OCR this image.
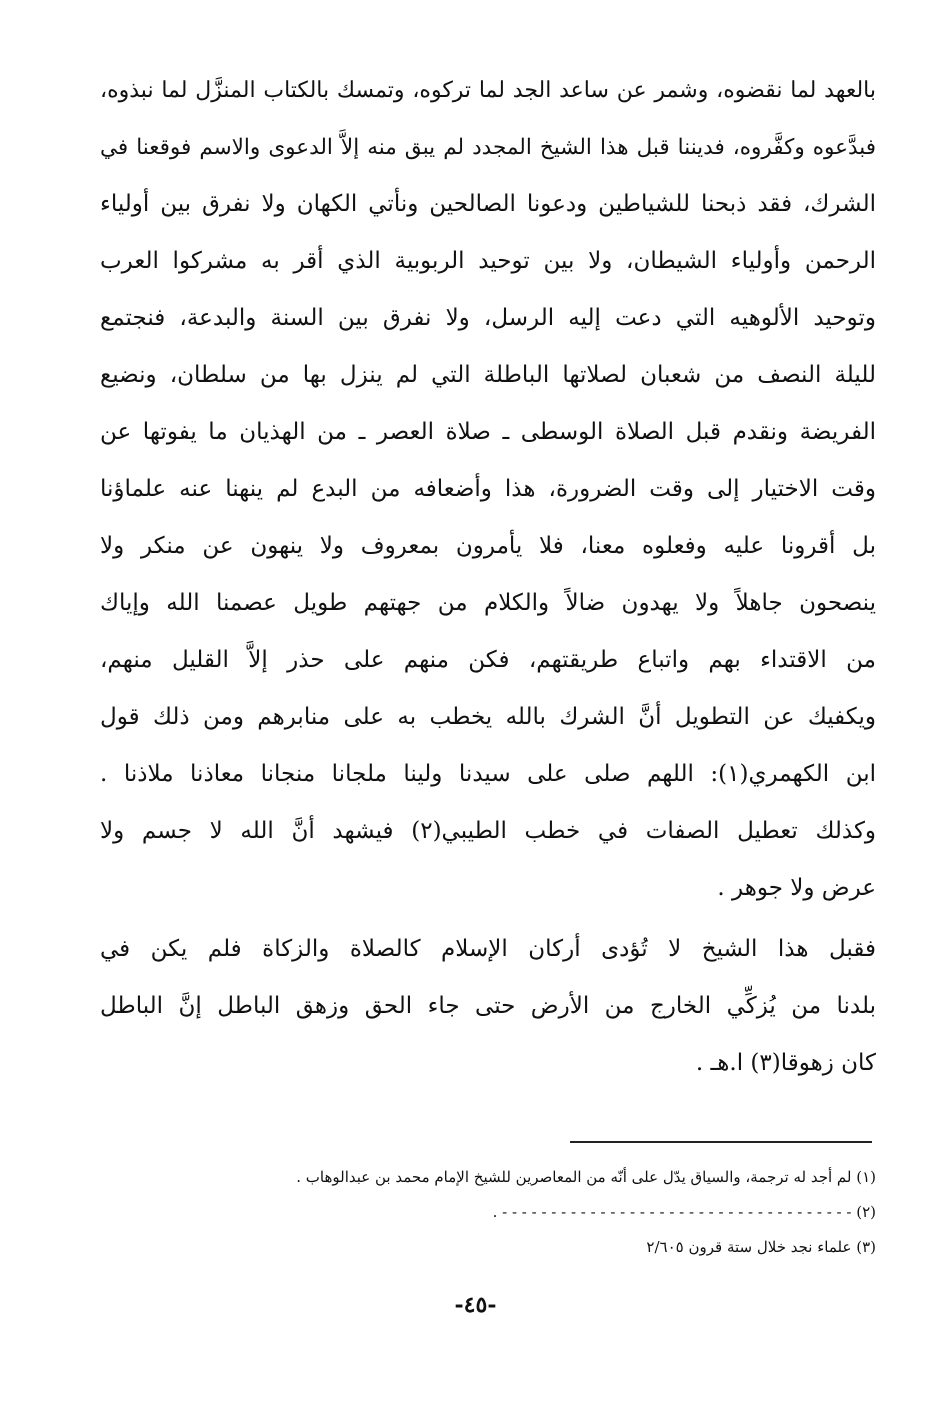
بالعهد لما نقضوه، وشمر عن ساعد الجد لما تركوه، وتمسك بالكتاب المنزَّل لما نبذوه،
فبدَّعوه وكفَّروه، فديننا قبل هذا الشيخ المجدد لم يبق منه إلاَّ الدعوى والاسم فوقعنا في
الشرك، فقد ذبحنا للشياطين ودعونا الصالحين ونأتي الكهان ولا نفرق بين أولياء
الرحمن وأولياء الشيطان، ولا بين توحيد الربوبية الذي أقر به مشركوا العرب
وتوحيد الألوهيه التي دعت إليه الرسل، ولا نفرق بين السنة والبدعة، فنجتمع
لليلة النصف من شعبان لصلاتها الباطلة التي لم ينزل بها من سلطان، ونضيع
الفريضة ونقدم قبل الصلاة الوسطى ـ صلاة العصر ـ من الهذيان ما يفوتها عن
وقت الاختيار إلى وقت الضرورة، هذا وأضعافه من البدع لم ينهنا عنه علماؤنا
بل أقرونا عليه وفعلوه معنا، فلا يأمرون بمعروف ولا ينهون عن منكر ولا
ينصحون جاهلاً ولا يهدون ضالاً والكلام من جهتهم طويل عصمنا الله وإياك
من الاقتداء بهم واتباع طريقتهم، فكن منهم على حذر إلاَّ القليل منهم،
ويكفيك عن التطويل أنَّ الشرك بالله يخطب به على منابرهم ومن ذلك قول
ابن الكهمري(١): اللهم صلى على سيدنا ولينا ملجانا منجانا معاذنا ملاذنا .
وكذلك تعطيل الصفات في خطب الطيبي(٢) فيشهد أنَّ الله لا جسم ولا
عرض ولا جوهر .
فقبل هذا الشيخ لا تُؤدى أركان الإسلام كالصلاة والزكاة فلم يكن في
بلدنا من يُزكِّي الخارج من الأرض حتى جاء الحق وزهق الباطل إنَّ الباطل
كان زهوقا(٣) ا.هـ .
(١) لم أجد له ترجمة، والسياق يدّل على أنّه من المعاصرين للشيخ الإمام محمد بن عبدالوهاب .
(٢) - - - - - - - - - - - - - - - - - - - - - - - - - - - - - - - - - - - - .
(٣) علماء نجد خلال ستة قرون ٢/٦٠٥
-٤٥-
